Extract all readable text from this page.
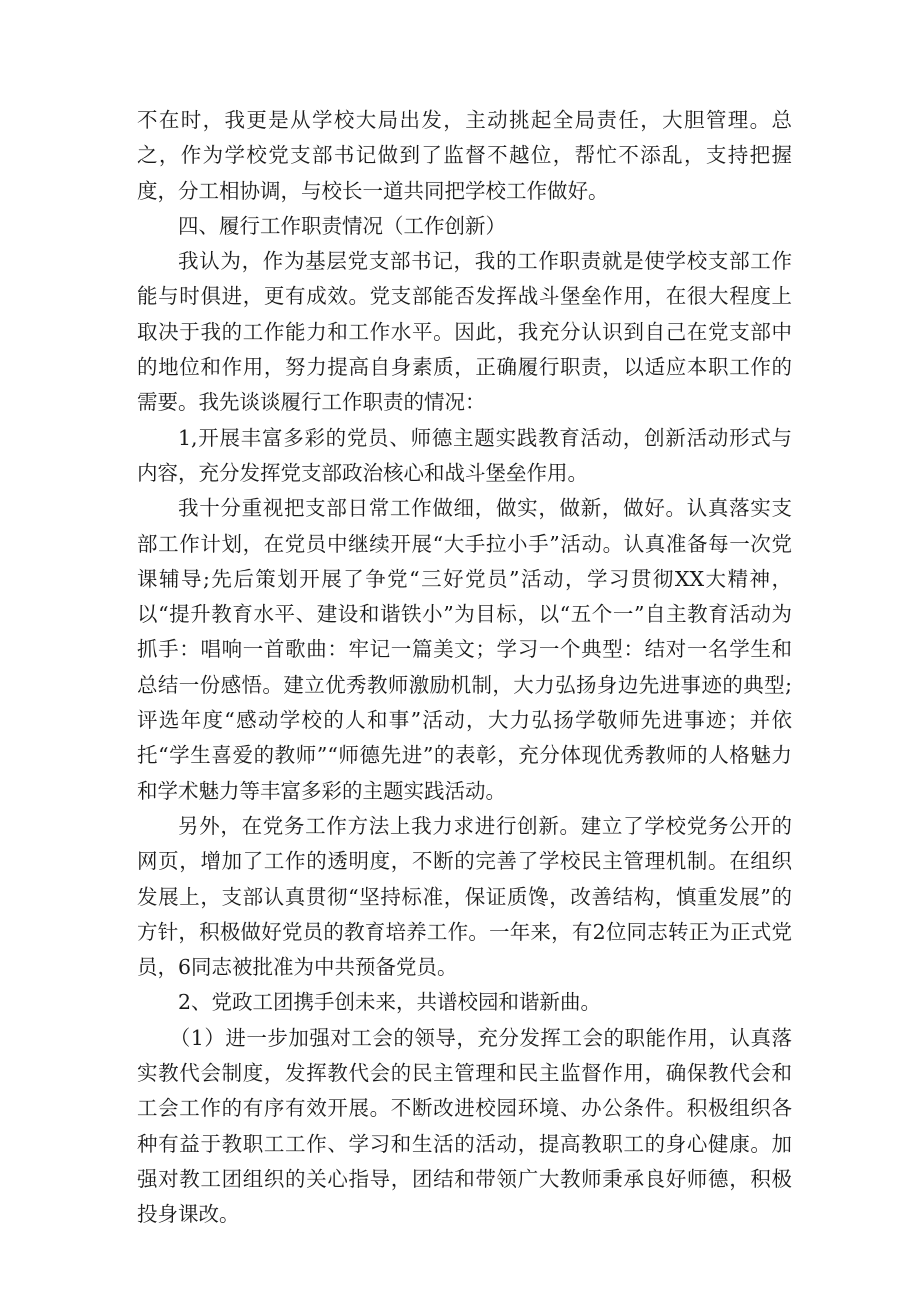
不在时，我更是从学校大局出发，主动挑起全局责任，大胆管理。总之，作为学校党支部书记做到了监督不越位，帮忙不添乱，支持把握度，分工相协调，与校长一道共同把学校工作做好。

四、履行工作职责情况（工作创新）

我认为，作为基层党支部书记，我的工作职责就是使学校支部工作能与时俱进，更有成效。党支部能否发挥战斗堡垒作用，在很大程度上取决于我的工作能力和工作水平。因此，我充分认识到自己在党支部中的地位和作用，努力提高自身素质，正确履行职责，以适应本职工作的需要。我先谈谈履行工作职责的情况：

1,开展丰富多彩的党员、师德主题实践教育活动，创新活动形式与内容，充分发挥党支部政治核心和战斗堡垒作用。

我十分重视把支部日常工作做细，做实，做新，做好。认真落实支部工作计划，在党员中继续开展“大手拉小手”活动。认真准备每一次党课辅导;先后策划开展了争党“三好党员”活动，学习贯彻XX大精神，以“提升教育水平、建设和谐铁小”为目标，以“五个一”自主教育活动为抓手：唱响一首歌曲：牢记一篇美文；学习一个典型：结对一名学生和总结一份感悟。建立优秀教师激励机制，大力弘扬身边先进事迹的典型;评选年度“感动学校的人和事”活动，大力弘扬学敬师先进事迹；并依托“学生喜爱的教师”“师德先进”的表彰，充分体现优秀教师的人格魅力和学术魅力等丰富多彩的主题实践活动。

另外，在党务工作方法上我力求进行创新。建立了学校党务公开的网页，增加了工作的透明度，不断的完善了学校民主管理机制。在组织发展上，支部认真贯彻“坚持标准，保证质馋，改善结构，慎重发展”的方针，积极做好党员的教育培养工作。一年来，有2位同志转正为正式党员，6同志被批准为中共预备党员。

2、党政工团携手创未来，共谱校园和谐新曲。

（1）进一步加强对工会的领导，充分发挥工会的职能作用，认真落实教代会制度，发挥教代会的民主管理和民主监督作用，确保教代会和工会工作的有序有效开展。不断改进校园环境、办公条件。积极组织各种有益于教职工工作、学习和生活的活动，提高教职工的身心健康。加强对教工团组织的关心指导，团结和带领广大教师秉承良好师德，积极投身课改。
